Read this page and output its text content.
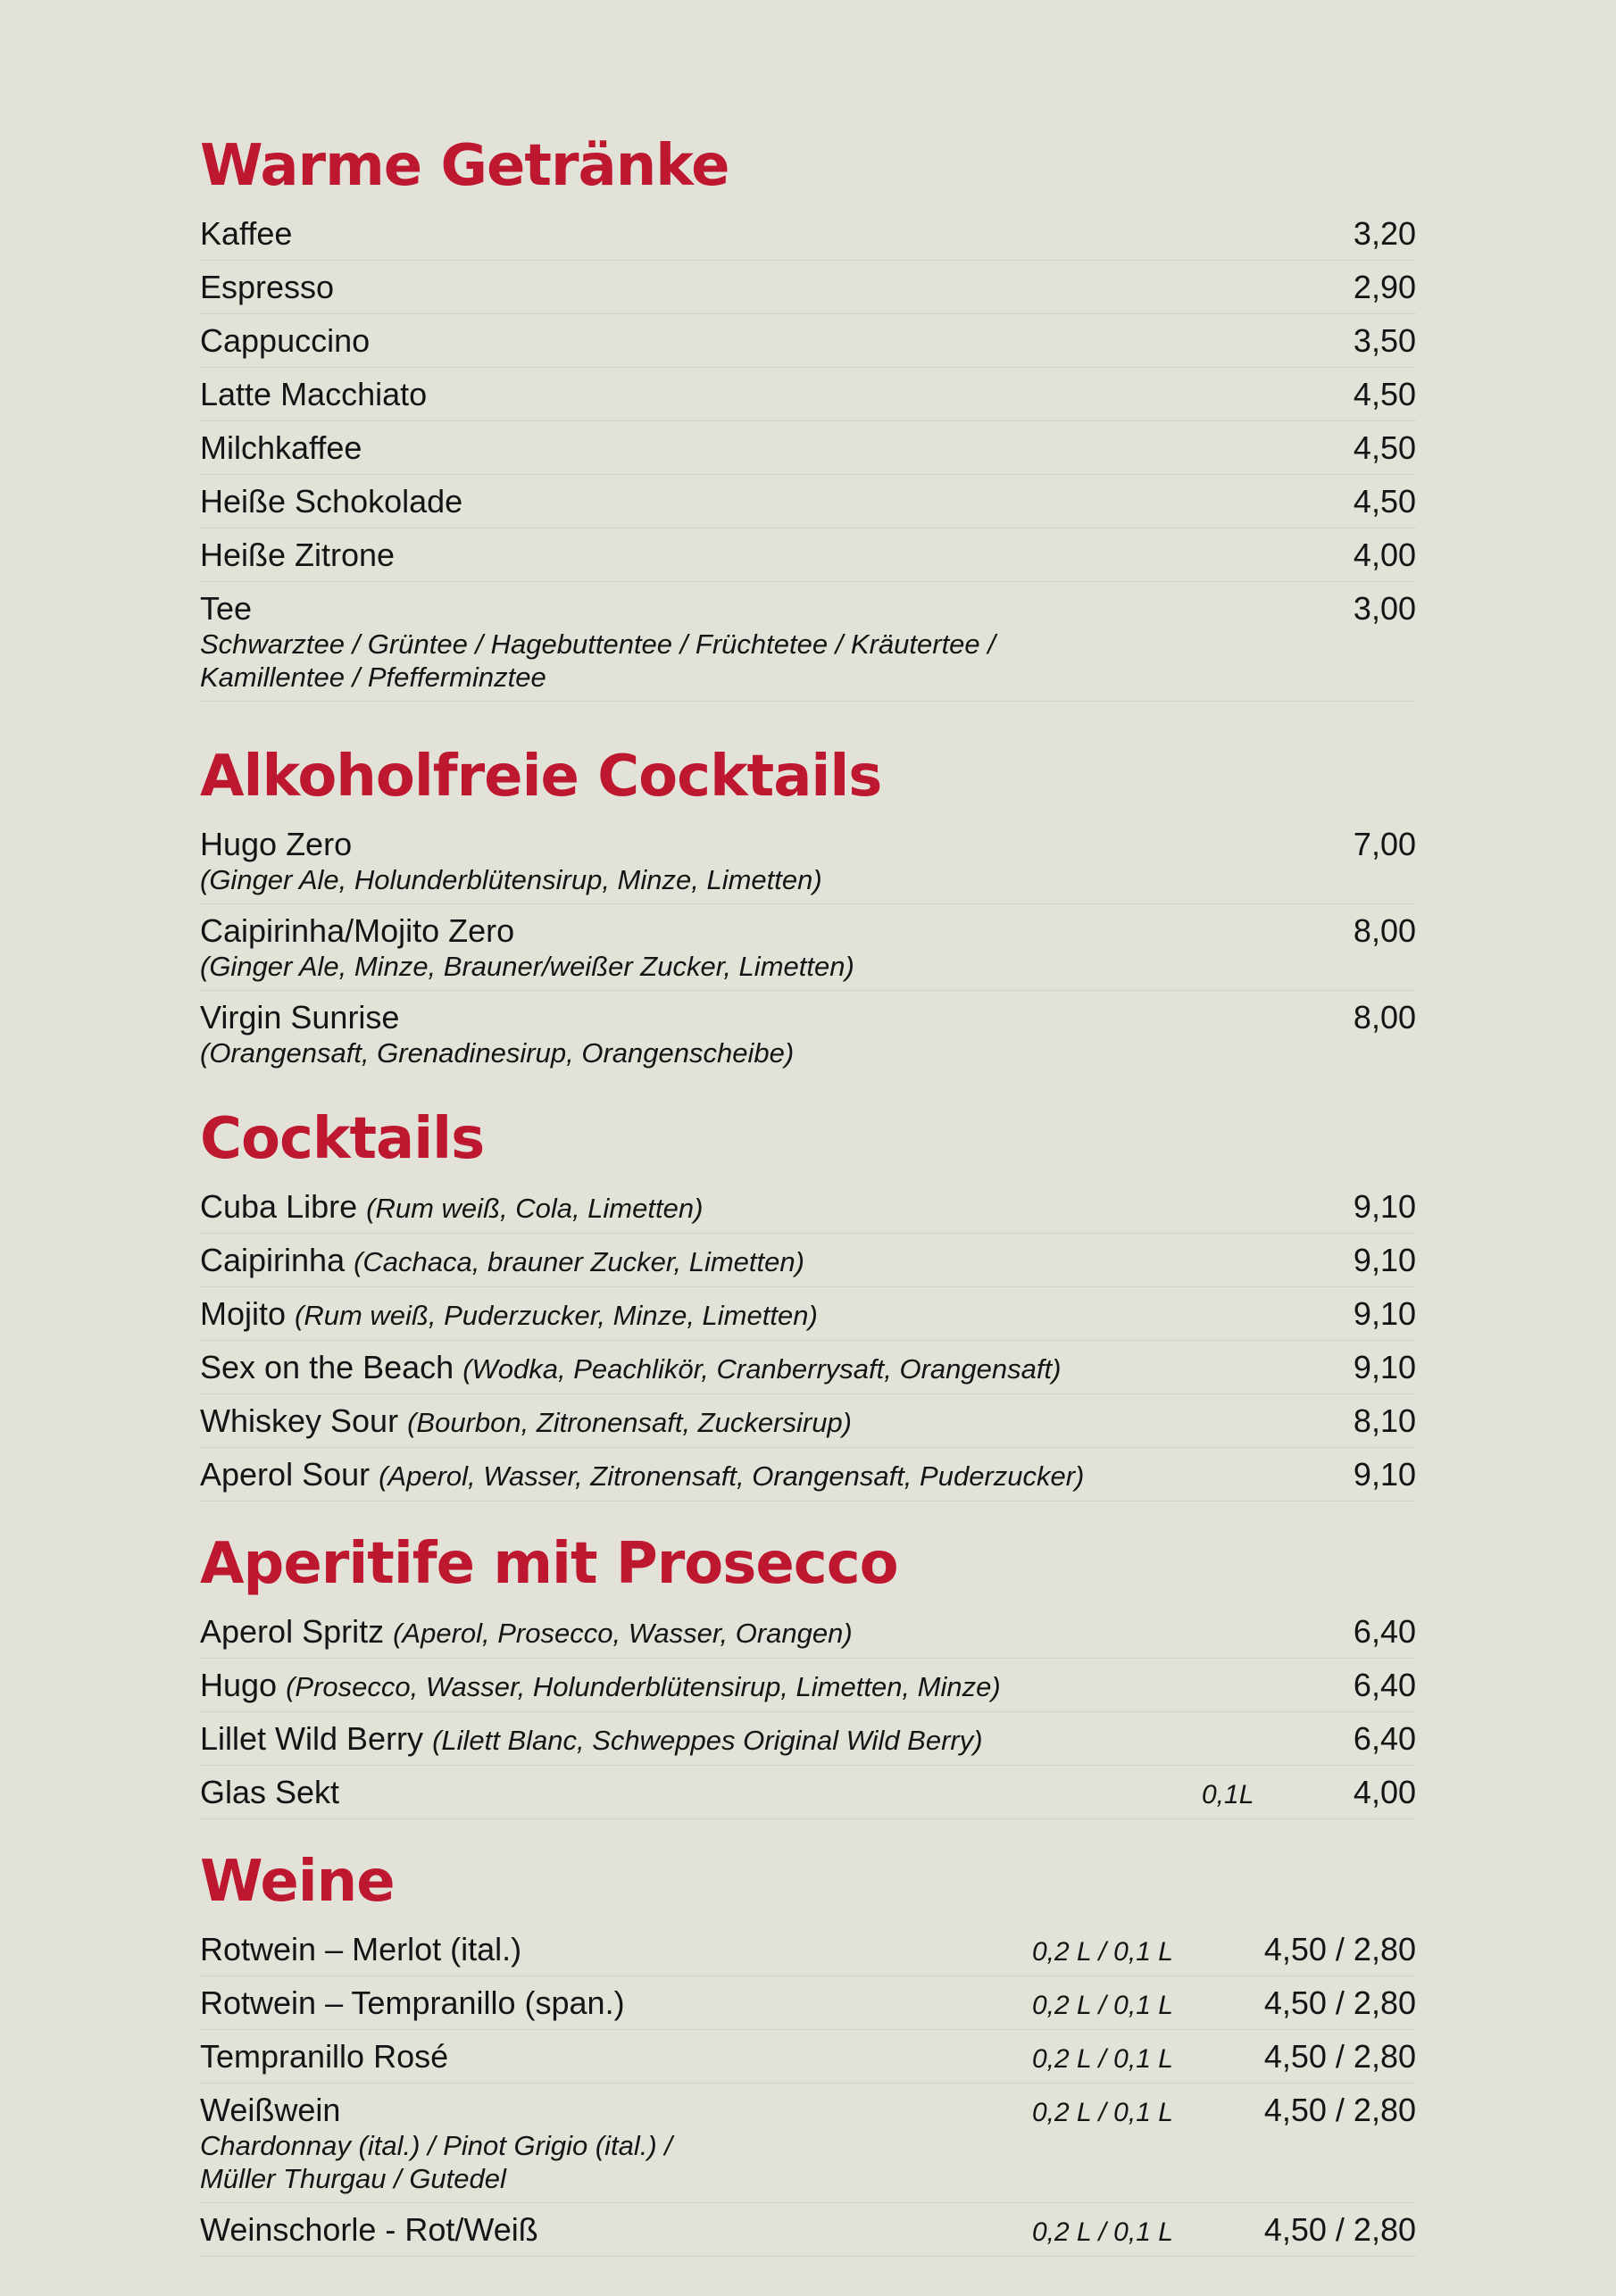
Warme Getränke
Kaffee	3,20
Espresso	2,90
Cappuccino	3,50
Latte Macchiato	4,50
Milchkaffee	4,50
Heiße Schokolade	4,50
Heiße Zitrone	4,00
Tee	3,00
Schwarztee / Grüntee / Hagebuttentee / Früchtetee / Kräutertee /
Kamillentee / Pfefferminztee
Alkoholfreie Cocktails
Hugo Zero	7,00
(Ginger Ale, Holunderblütensirup, Minze, Limetten)
Caipirinha/Mojito Zero	8,00
(Ginger Ale, Minze, Brauner/weißer Zucker, Limetten)
Virgin Sunrise	8,00
(Orangensaft, Grenadinesirup, Orangenscheibe)
Cocktails
Cuba Libre (Rum weiß, Cola, Limetten)	9,10
Caipirinha (Cachaca, brauner Zucker, Limetten)	9,10
Mojito (Rum weiß, Puderzucker, Minze, Limetten)	9,10
Sex on the Beach (Wodka, Peachlikör, Cranberrysaft, Orangensaft)	9,10
Whiskey Sour (Bourbon, Zitronensaft, Zuckersirup)	8,10
Aperol Sour (Aperol, Wasser, Zitronensaft, Orangensaft, Puderzucker)	9,10
Aperitife mit Prosecco
Aperol Spritz (Aperol, Prosecco, Wasser, Orangen)	6,40
Hugo (Prosecco, Wasser, Holunderblütensirup, Limetten, Minze)	6,40
Lillet Wild Berry (Lilett Blanc, Schweppes Original Wild Berry)	6,40
Glas Sekt	0,1L	4,00
Weine
Rotwein – Merlot (ital.)	0,2 L / 0,1 L	4,50 / 2,80
Rotwein – Tempranillo (span.)	0,2 L / 0,1 L	4,50 / 2,80
Tempranillo Rosé	0,2 L / 0,1 L	4,50 / 2,80
Weißwein	0,2 L / 0,1 L	4,50 / 2,80
Chardonnay (ital.) / Pinot Grigio (ital.) /
Müller Thurgau / Gutedel
Weinschorle - Rot/Weiß	0,2 L / 0,1 L	4,50 / 2,80
